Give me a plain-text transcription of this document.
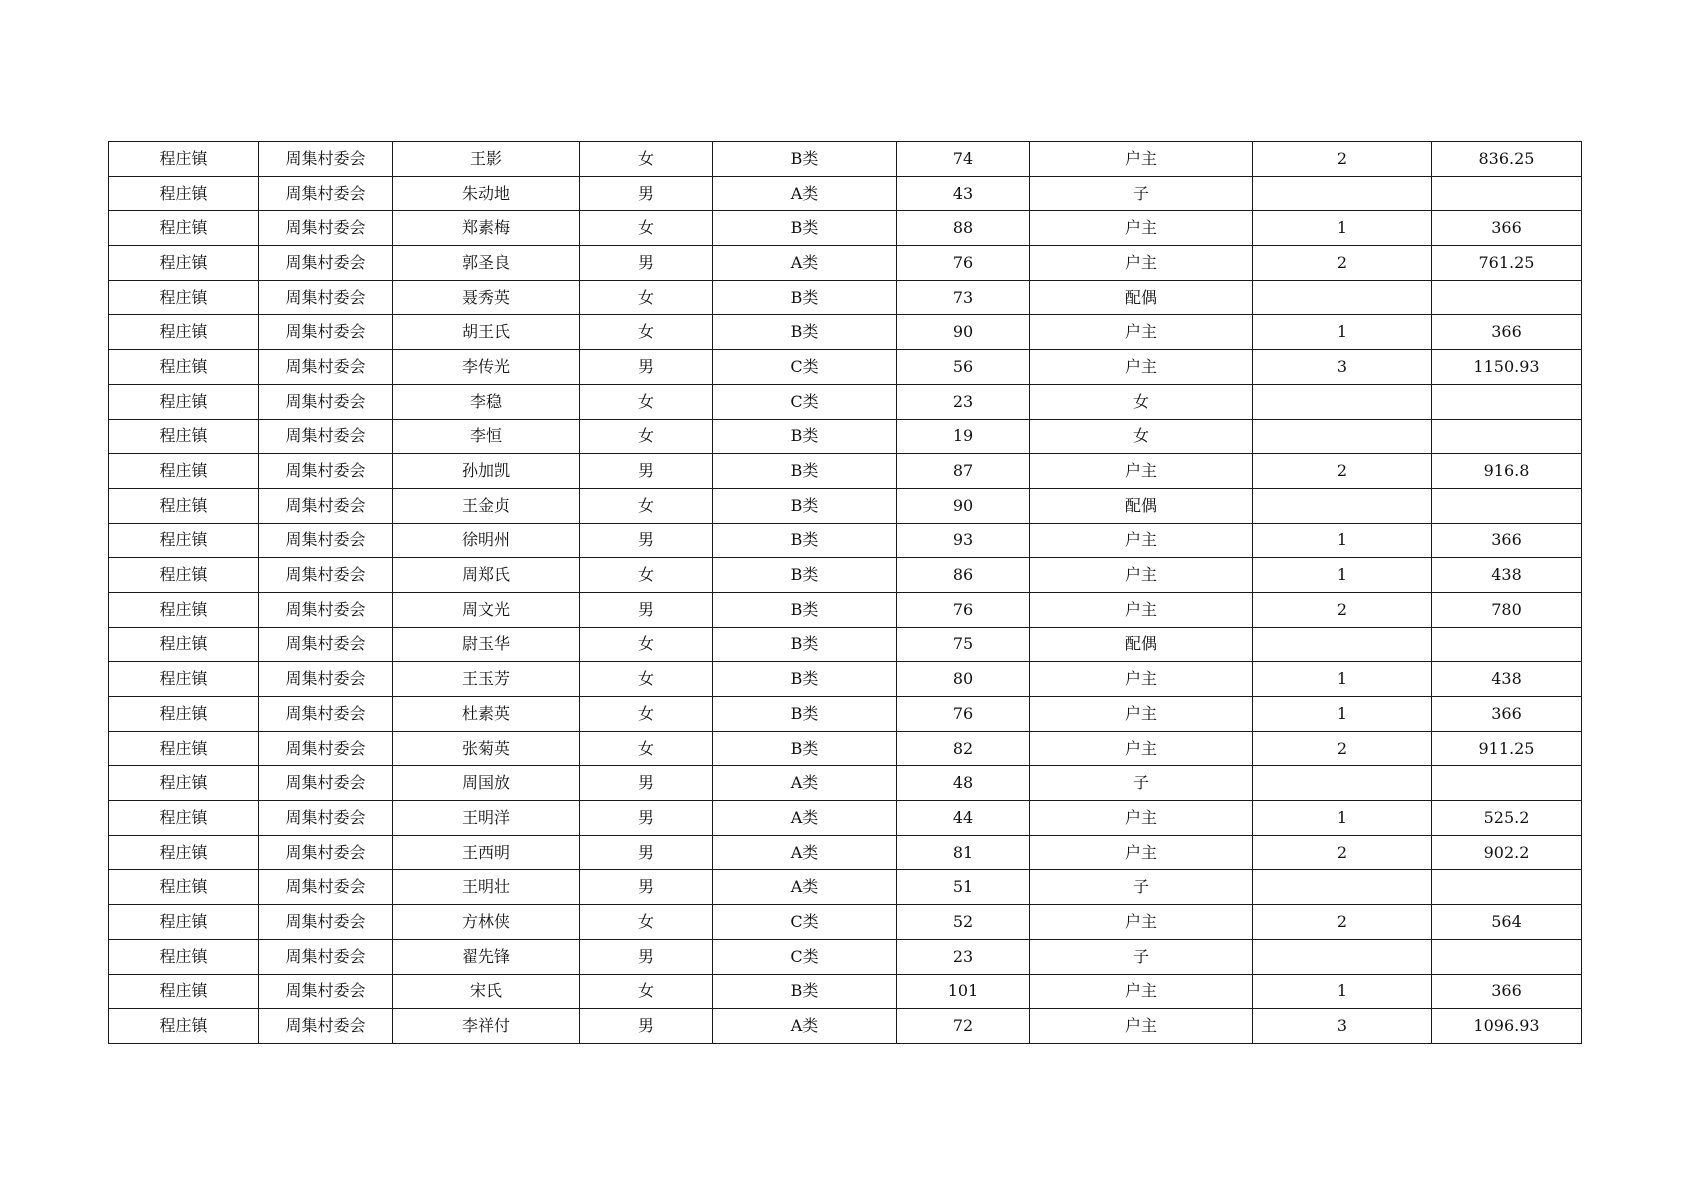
程庄镇	周集村委会	王影	女	B类	74	户主	2	836.25
程庄镇	周集村委会	朱动地	男	A类	43	子		
程庄镇	周集村委会	郑素梅	女	B类	88	户主	1	366
程庄镇	周集村委会	郭圣良	男	A类	76	户主	2	761.25
程庄镇	周集村委会	聂秀英	女	B类	73	配偶		
程庄镇	周集村委会	胡王氏	女	B类	90	户主	1	366
程庄镇	周集村委会	李传光	男	C类	56	户主	3	1150.93
程庄镇	周集村委会	李稳	女	C类	23	女		
程庄镇	周集村委会	李恒	女	B类	19	女		
程庄镇	周集村委会	孙加凯	男	B类	87	户主	2	916.8
程庄镇	周集村委会	王金贞	女	B类	90	配偶		
程庄镇	周集村委会	徐明州	男	B类	93	户主	1	366
程庄镇	周集村委会	周郑氏	女	B类	86	户主	1	438
程庄镇	周集村委会	周文光	男	B类	76	户主	2	780
程庄镇	周集村委会	尉玉华	女	B类	75	配偶		
程庄镇	周集村委会	王玉芳	女	B类	80	户主	1	438
程庄镇	周集村委会	杜素英	女	B类	76	户主	1	366
程庄镇	周集村委会	张菊英	女	B类	82	户主	2	911.25
程庄镇	周集村委会	周国放	男	A类	48	子		
程庄镇	周集村委会	王明洋	男	A类	44	户主	1	525.2
程庄镇	周集村委会	王西明	男	A类	81	户主	2	902.2
程庄镇	周集村委会	王明壮	男	A类	51	子		
程庄镇	周集村委会	方林侠	女	C类	52	户主	2	564
程庄镇	周集村委会	翟先锋	男	C类	23	子		
程庄镇	周集村委会	宋氏	女	B类	101	户主	1	366
程庄镇	周集村委会	李祥付	男	A类	72	户主	3	1096.93
